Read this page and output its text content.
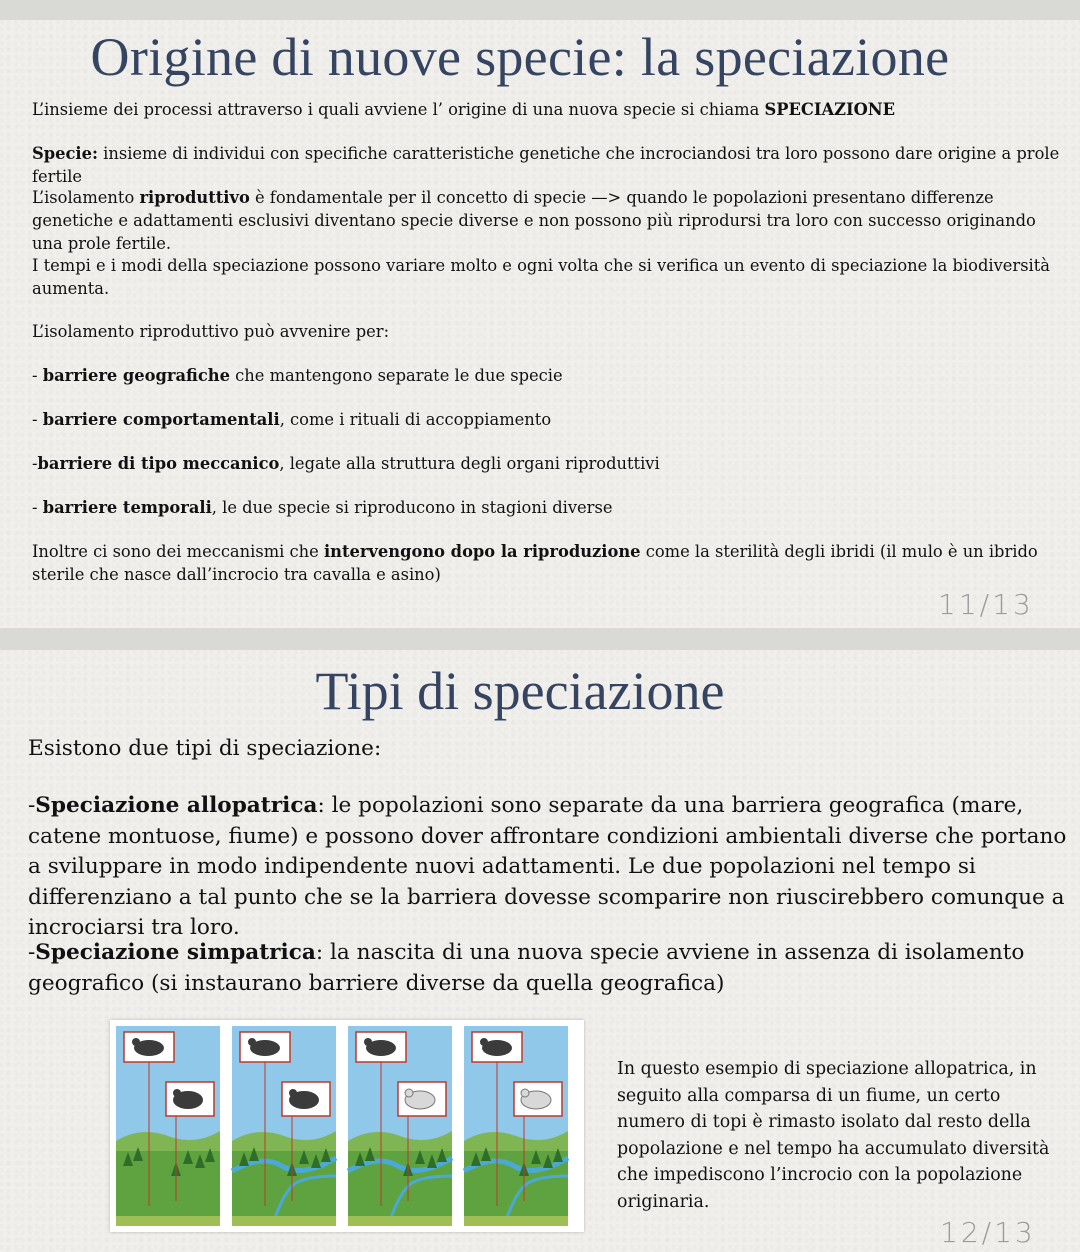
Origine di nuove specie: la speciazione

L’insieme dei processi attraverso i quali avviene l’ origine di una nuova specie si chiama SPECIAZIONE

Specie: insieme di individui con specifiche caratteristiche genetiche che incrociandosi tra loro possono dare origine a prole fertile

L’isolamento riproduttivo è fondamentale per il concetto di specie —> quando le popolazioni presentano differenze genetiche e adattamenti esclusivi diventano specie diverse e non possono più riprodursi tra loro con successo originando una prole fertile.

I tempi e i modi della speciazione possono variare molto e ogni volta che si verifica un evento di speciazione la biodiversità aumenta.

L’isolamento riproduttivo può avvenire per:

- barriere geografiche che mantengono separate le due specie

- barriere comportamentali, come i rituali di accoppiamento

-barriere di tipo meccanico, legate alla struttura degli organi riproduttivi

- barriere temporali, le due specie si riproducono in stagioni diverse

Inoltre ci sono dei meccanismi che intervengono dopo la riproduzione come la sterilità degli ibridi (il mulo è un ibrido sterile che nasce dall’incrocio tra cavalla e asino)

11/13
Tipi di speciazione

Esistono due tipi di speciazione:

-Speciazione allopatrica: le popolazioni sono separate da una barriera geografica (mare, catene montuose, fiume) e possono dover affrontare condizioni ambientali diverse che portano a sviluppare in modo indipendente nuovi adattamenti. Le due popolazioni nel tempo si differenziano a tal punto che se la barriera dovesse scomparire non riuscirebbero comunque a incrociarsi tra loro.

-Speciazione simpatrica: la nascita di una nuova specie avviene in assenza di isolamento geografico (si instaurano barriere diverse da quella geografica)

In questo esempio di speciazione allopatrica, in seguito alla comparsa di un fiume, un certo numero di topi è rimasto isolato dal resto della popolazione e nel tempo ha accumulato diversità che impediscono l’incrocio con la popolazione originaria.

12/13
